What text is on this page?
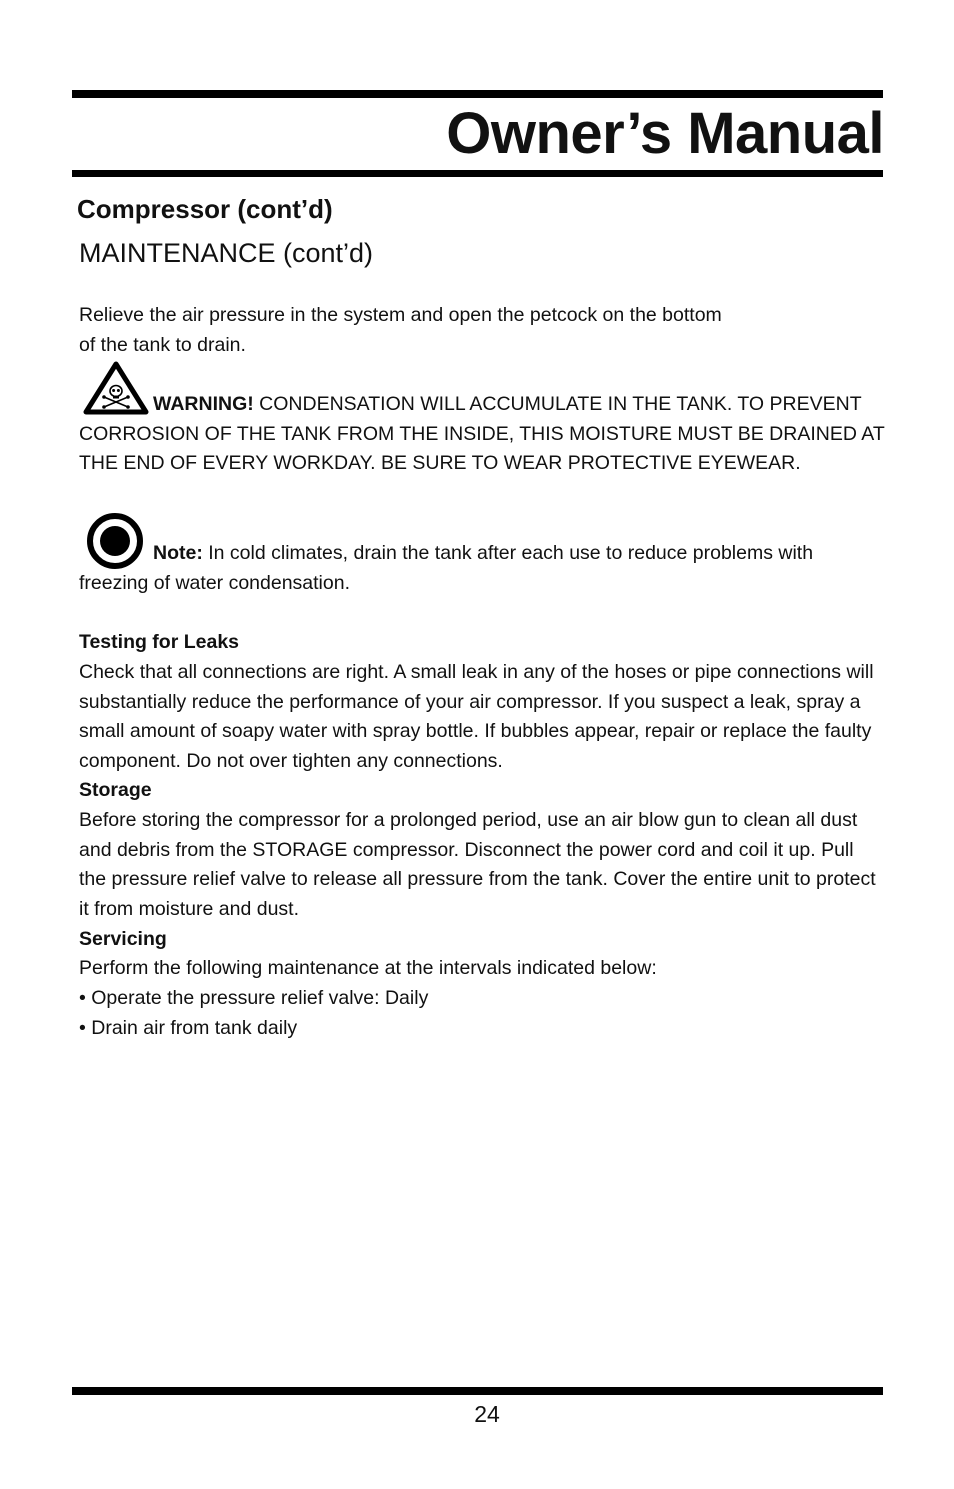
Owner’s Manual
Compressor (cont’d)
MAINTENANCE (cont’d)

Relieve the air pressure in the system and open the petcock on the bottom of the tank to drain.

WARNING! CONDENSATION WILL ACCUMULATE IN THE TANK. TO PREVENT CORROSION OF THE TANK FROM THE INSIDE, THIS MOISTURE MUST BE DRAINED AT THE END OF EVERY WORKDAY. BE SURE TO WEAR PROTECTIVE EYEWEAR.

Note: In cold climates, drain the tank after each use to reduce problems with freezing of water condensation.

Testing for Leaks

Check that all connections are right. A small leak in any of the hoses or pipe connections will substantially reduce the performance of your air compressor. If you suspect a leak, spray a small amount of soapy water with spray bottle. If bubbles appear, repair or replace the faulty component. Do not over tighten any connections.

Storage

Before storing the compressor for a prolonged period, use an air blow gun to clean all dust and debris from the STORAGE compressor. Disconnect the power cord and coil it up. Pull the pressure relief valve to release all pressure from the tank. Cover the entire unit to protect it from moisture and dust.

Servicing

Perform the following maintenance at the intervals indicated below:

• Operate the pressure relief valve: Daily

• Drain air from tank daily

24
